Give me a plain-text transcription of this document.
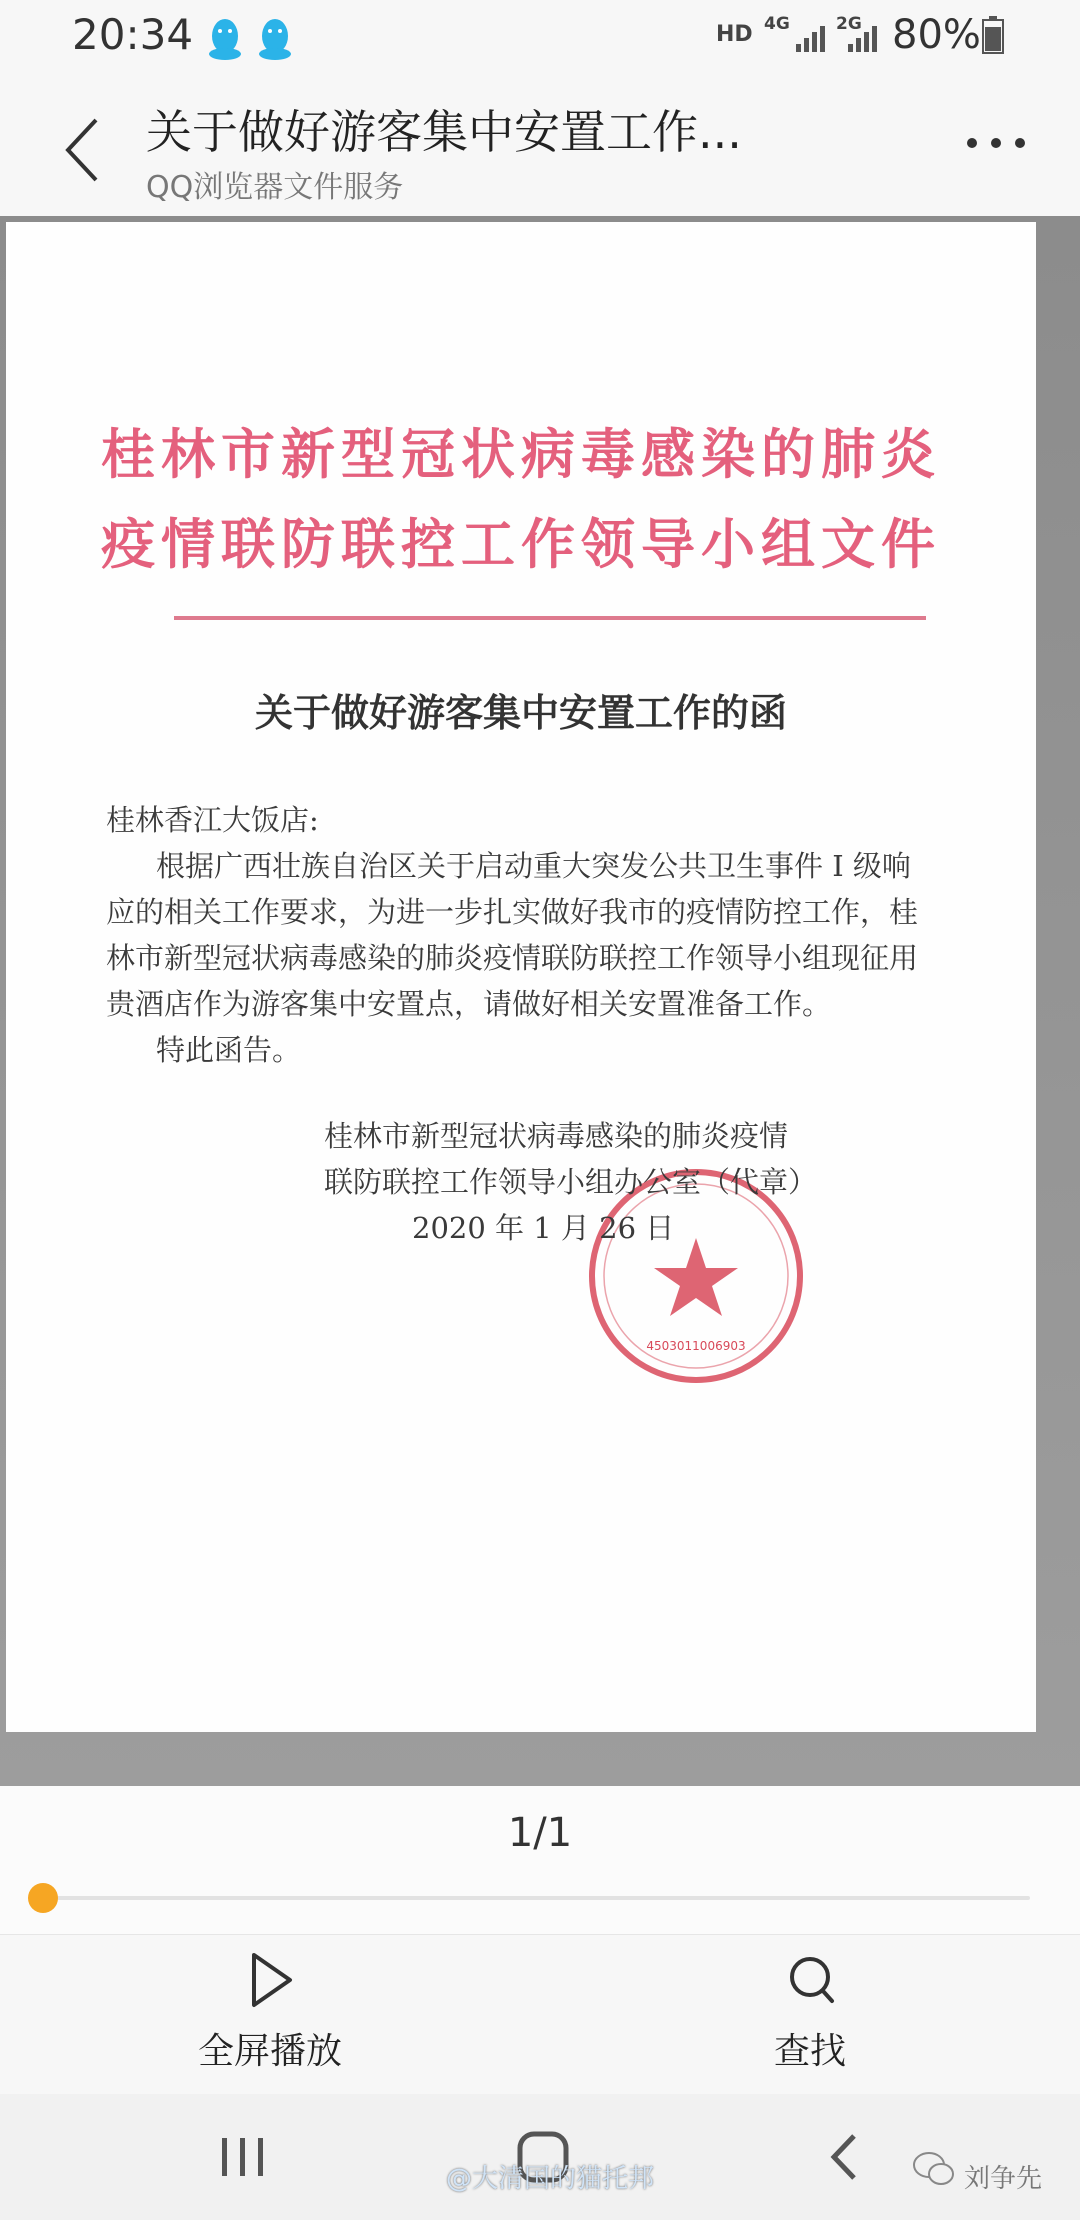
20:34	HD 4G	2G 80%
关于做好游客集中安置工作...
QQ浏览器文件服务
桂林市新型冠状病毒感染的肺炎
疫情联防联控工作领导小组文件
关于做好游客集中安置工作的函
桂林香江大饭店:
根据广西壮族自治区关于启动重大突发公共卫生事件 I 级响
应的相关工作要求，为进一步扎实做好我市的疫情防控工作，桂
林市新型冠状病毒感染的肺炎疫情联防联控工作领导小组现征用
贵酒店作为游客集中安置点，请做好相关安置准备工作。
特此函告。
4503011006903
桂林市新型冠状病毒感染的肺炎疫情
联防联控工作领导小组办公室（代章）
2020 年 1 月 26 日
1/1
全屏播放	查找
@大清国的猫托邦	刘争先
